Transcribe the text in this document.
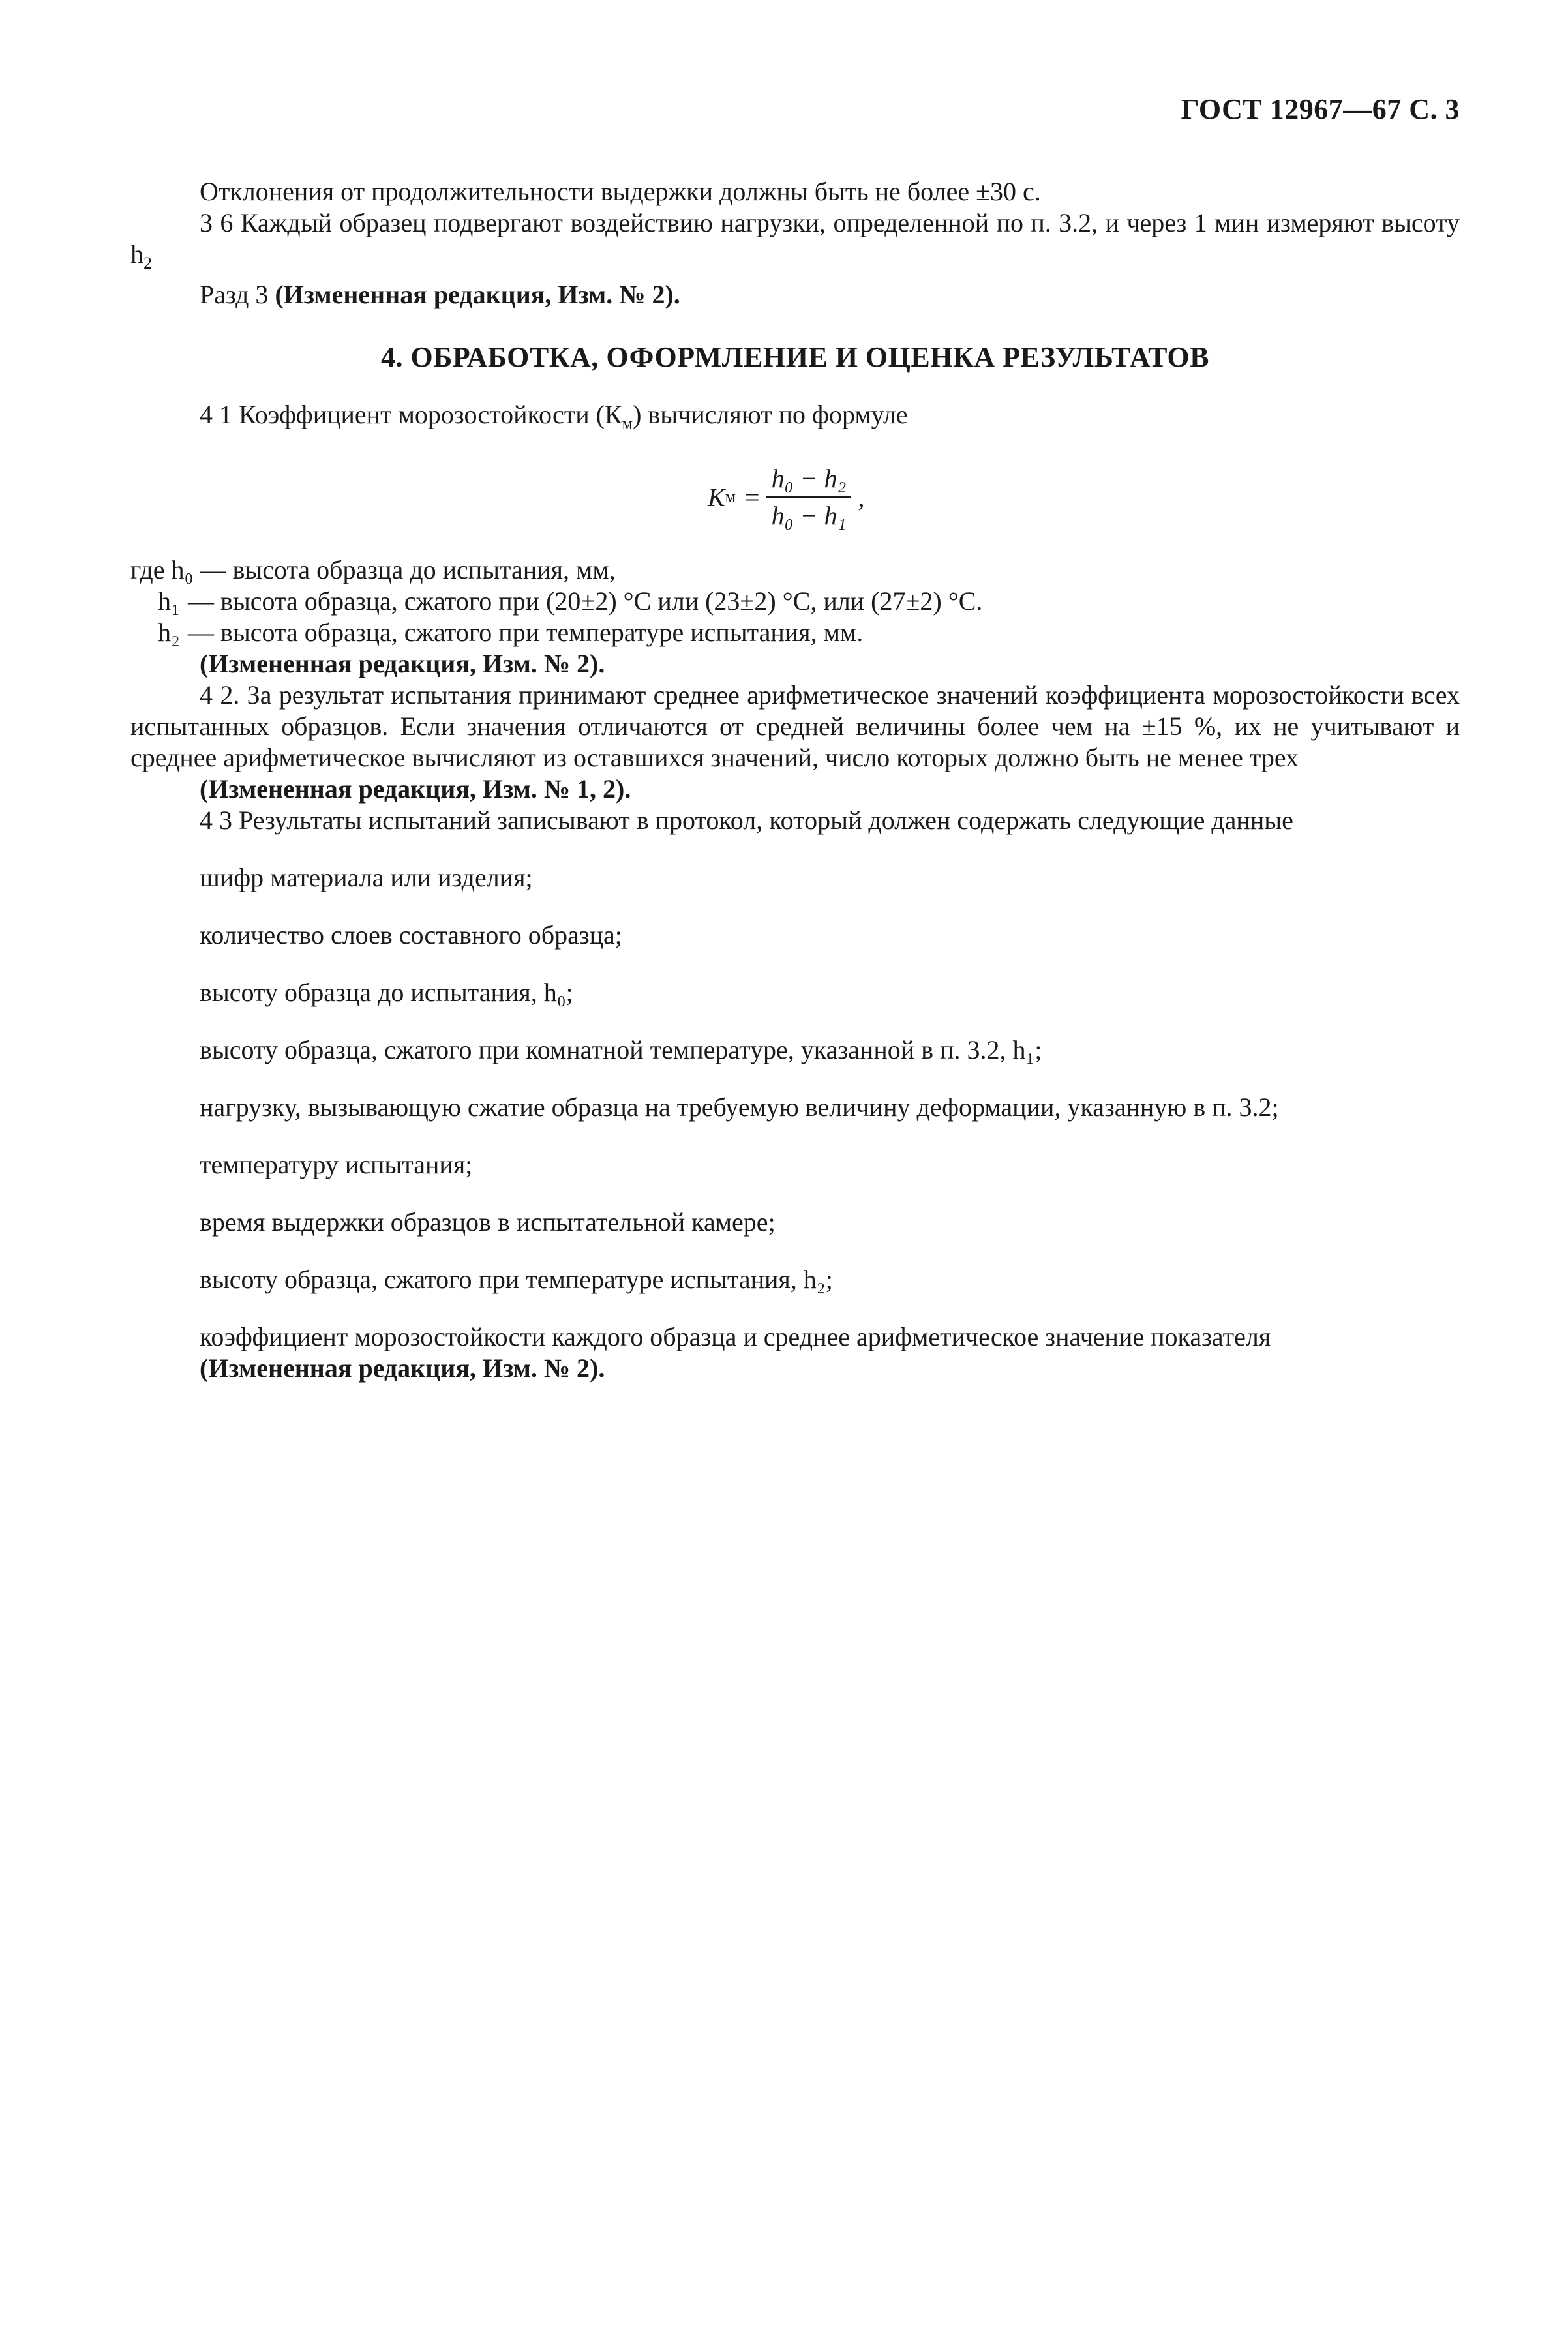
ГОСТ 12967—67 С. 3

Отклонения от продолжительности выдержки должны быть не более ±30 с.

3 6 Каждый образец подвергают воздействию нагрузки, определенной по п. 3.2, и через 1 мин измеряют высоту $h_2$

Разд 3 (Измененная редакция, Изм. № 2).

4. ОБРАБОТКА, ОФОРМЛЕНИЕ И ОЦЕНКА РЕЗУЛЬТАТОВ

4 1 Коэффициент морозостойкости $(К_м)$ вычисляют по формуле

К $м = \frac{\text{h₀ − h₂}}{\text{h₀ − h₁}}$ ,
где h₀ — высота образца до испытания, мм,
h₁ — высота образца, сжатого при (20±2) °С или (23±2) °С, или (27±2) °С.
h₂ — высота образца, сжатого при температуре испытания, мм.

(Измененная редакция, Изм. № 2).

4 2. За результат испытания принимают среднее арифметическое значений коэффициента морозостойкости всех испытанных образцов. Если значения отличаются от средней величины более чем на ±15 %, их не учитывают и среднее арифметическое вычисляют из оставшихся значений, число которых должно быть не менее трех

(Измененная редакция, Изм. № 1, 2).

4 3 Результаты испытаний записывают в протокол, который должен содержать следующие данные

шифр материала или изделия;

количество слоев составного образца;

высоту образца до испытания, h₀;

высоту образца, сжатого при комнатной температуре, указанной в п. 3.2, h₁;

нагрузку, вызывающую сжатие образца на требуемую величину деформации, указанную в п. 3.2;

температуру испытания;

время выдержки образцов в испытательной камере;

высоту образца, сжатого при температуре испытания, h₂;

коэффициент морозостойкости каждого образца и среднее арифметическое значение показателя

(Измененная редакция, Изм. № 2).
